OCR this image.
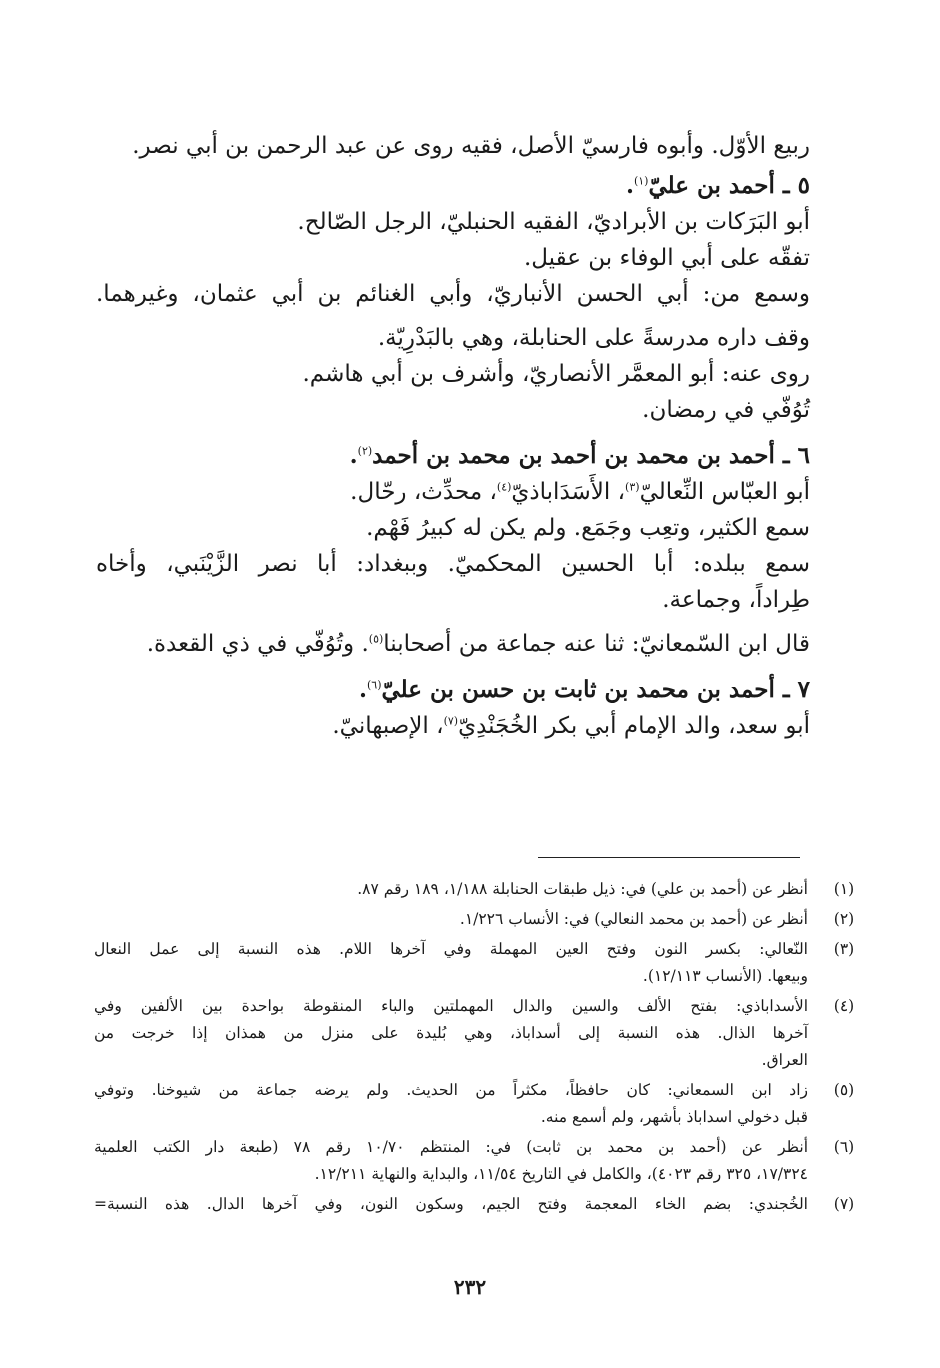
ربيع الأوّل. وأبوه فارسيّ الأصل، فقيه روى عن عبد الرحمن بن أبي نصر.
٥ ـ أحمد بن عليّ$^{(١)}$.
أبو البَرَكات بن الأبراديّ، الفقيه الحنبليّ، الرجل الصّالح.
تفقّه على أبي الوفاء بن عقيل.
وسمع من: أبي الحسن الأنباريّ، وأبي الغنائم بن أبي عثمان، وغيرهما.
وقف داره مدرسةً على الحنابلة، وهي بالبَدْرِيّة.
روى عنه: أبو المعمَّر الأنصاريّ، وأشرف بن أبي هاشم.
تُوُفّي في رمضان.
٦ ـ أحمد بن محمد بن أحمد بن محمد بن أحمد$^{(٢)}$.
أبو العبّاس النِّعاليّ$^{(٣)}$، الأَسَدَاباذيّ$^{(٤)}$، محدِّث، رحّال.
سمع الكثير، وتعِب وجَمَع. ولم يكن له كبيرُ فَهْم.
سمع ببلده: أبا الحسين المحكميّ. وببغداد: أبا نصر الزَّيْنَبي، وأخاه
طِراداً، وجماعة.
قال ابن السّمعانيّ: ثنا عنه جماعة من أصحابنا$^{(٥)}$. وتُوُفّي في ذي القعدة.
٧ ـ أحمد بن محمد بن ثابت بن حسن بن عليّ$^{(٦)}$.
أبو سعد، والد الإمام أبي بكر الخُجَنْدِيّ$^{(٧)}$، الإصبهانيّ.
(١)
أنظر عن (أحمد بن علي) في: ذيل طبقات الحنابلة ١/١٨٨، ١٨٩ رقم ٨٧.
(٢)
أنظر عن (أحمد بن محمد النعالي) في: الأنساب ١/٢٢٦.
(٣)
النّعالي: بكسر النون وفتح العين المهملة وفي آخرها اللام. هذه النسبة إلى عمل النعال
وبيعها. (الأنساب ١٢/١١٣).
(٤)
الأسداباذي: بفتح الألف والسين والدال المهملتين والباء المنقوطة بواحدة بين الألفين وفي
آخرها الذال. هذه النسبة إلى أسداباذ، وهي بُليدة على منزل من همذان إذا خرجت من
العراق.
(٥)
زاد ابن السمعاني: كان حافظاً، مكثراً من الحديث. ولم يرضه جماعة من شيوخنا. وتوفي
قبل دخولي اسداباذ بأشهر، ولم أسمع منه.
(٦)
أنظر عن (أحمد بن محمد بن ثابت) في: المنتظم ١٠/٧٠ رقم ٧٨ (طبعة دار الكتب العلمية
١٧/٣٢٤، ٣٢٥ رقم ٤٠٢٣)، والكامل في التاريخ ١١/٥٤، والبداية والنهاية ١٢/٢١١.
(٧)
الخُجندي: بضم الخاء المعجمة وفتح الجيم، وسكون النون، وفي آخرها الدال. هذه النسبة=
٢٣٢
